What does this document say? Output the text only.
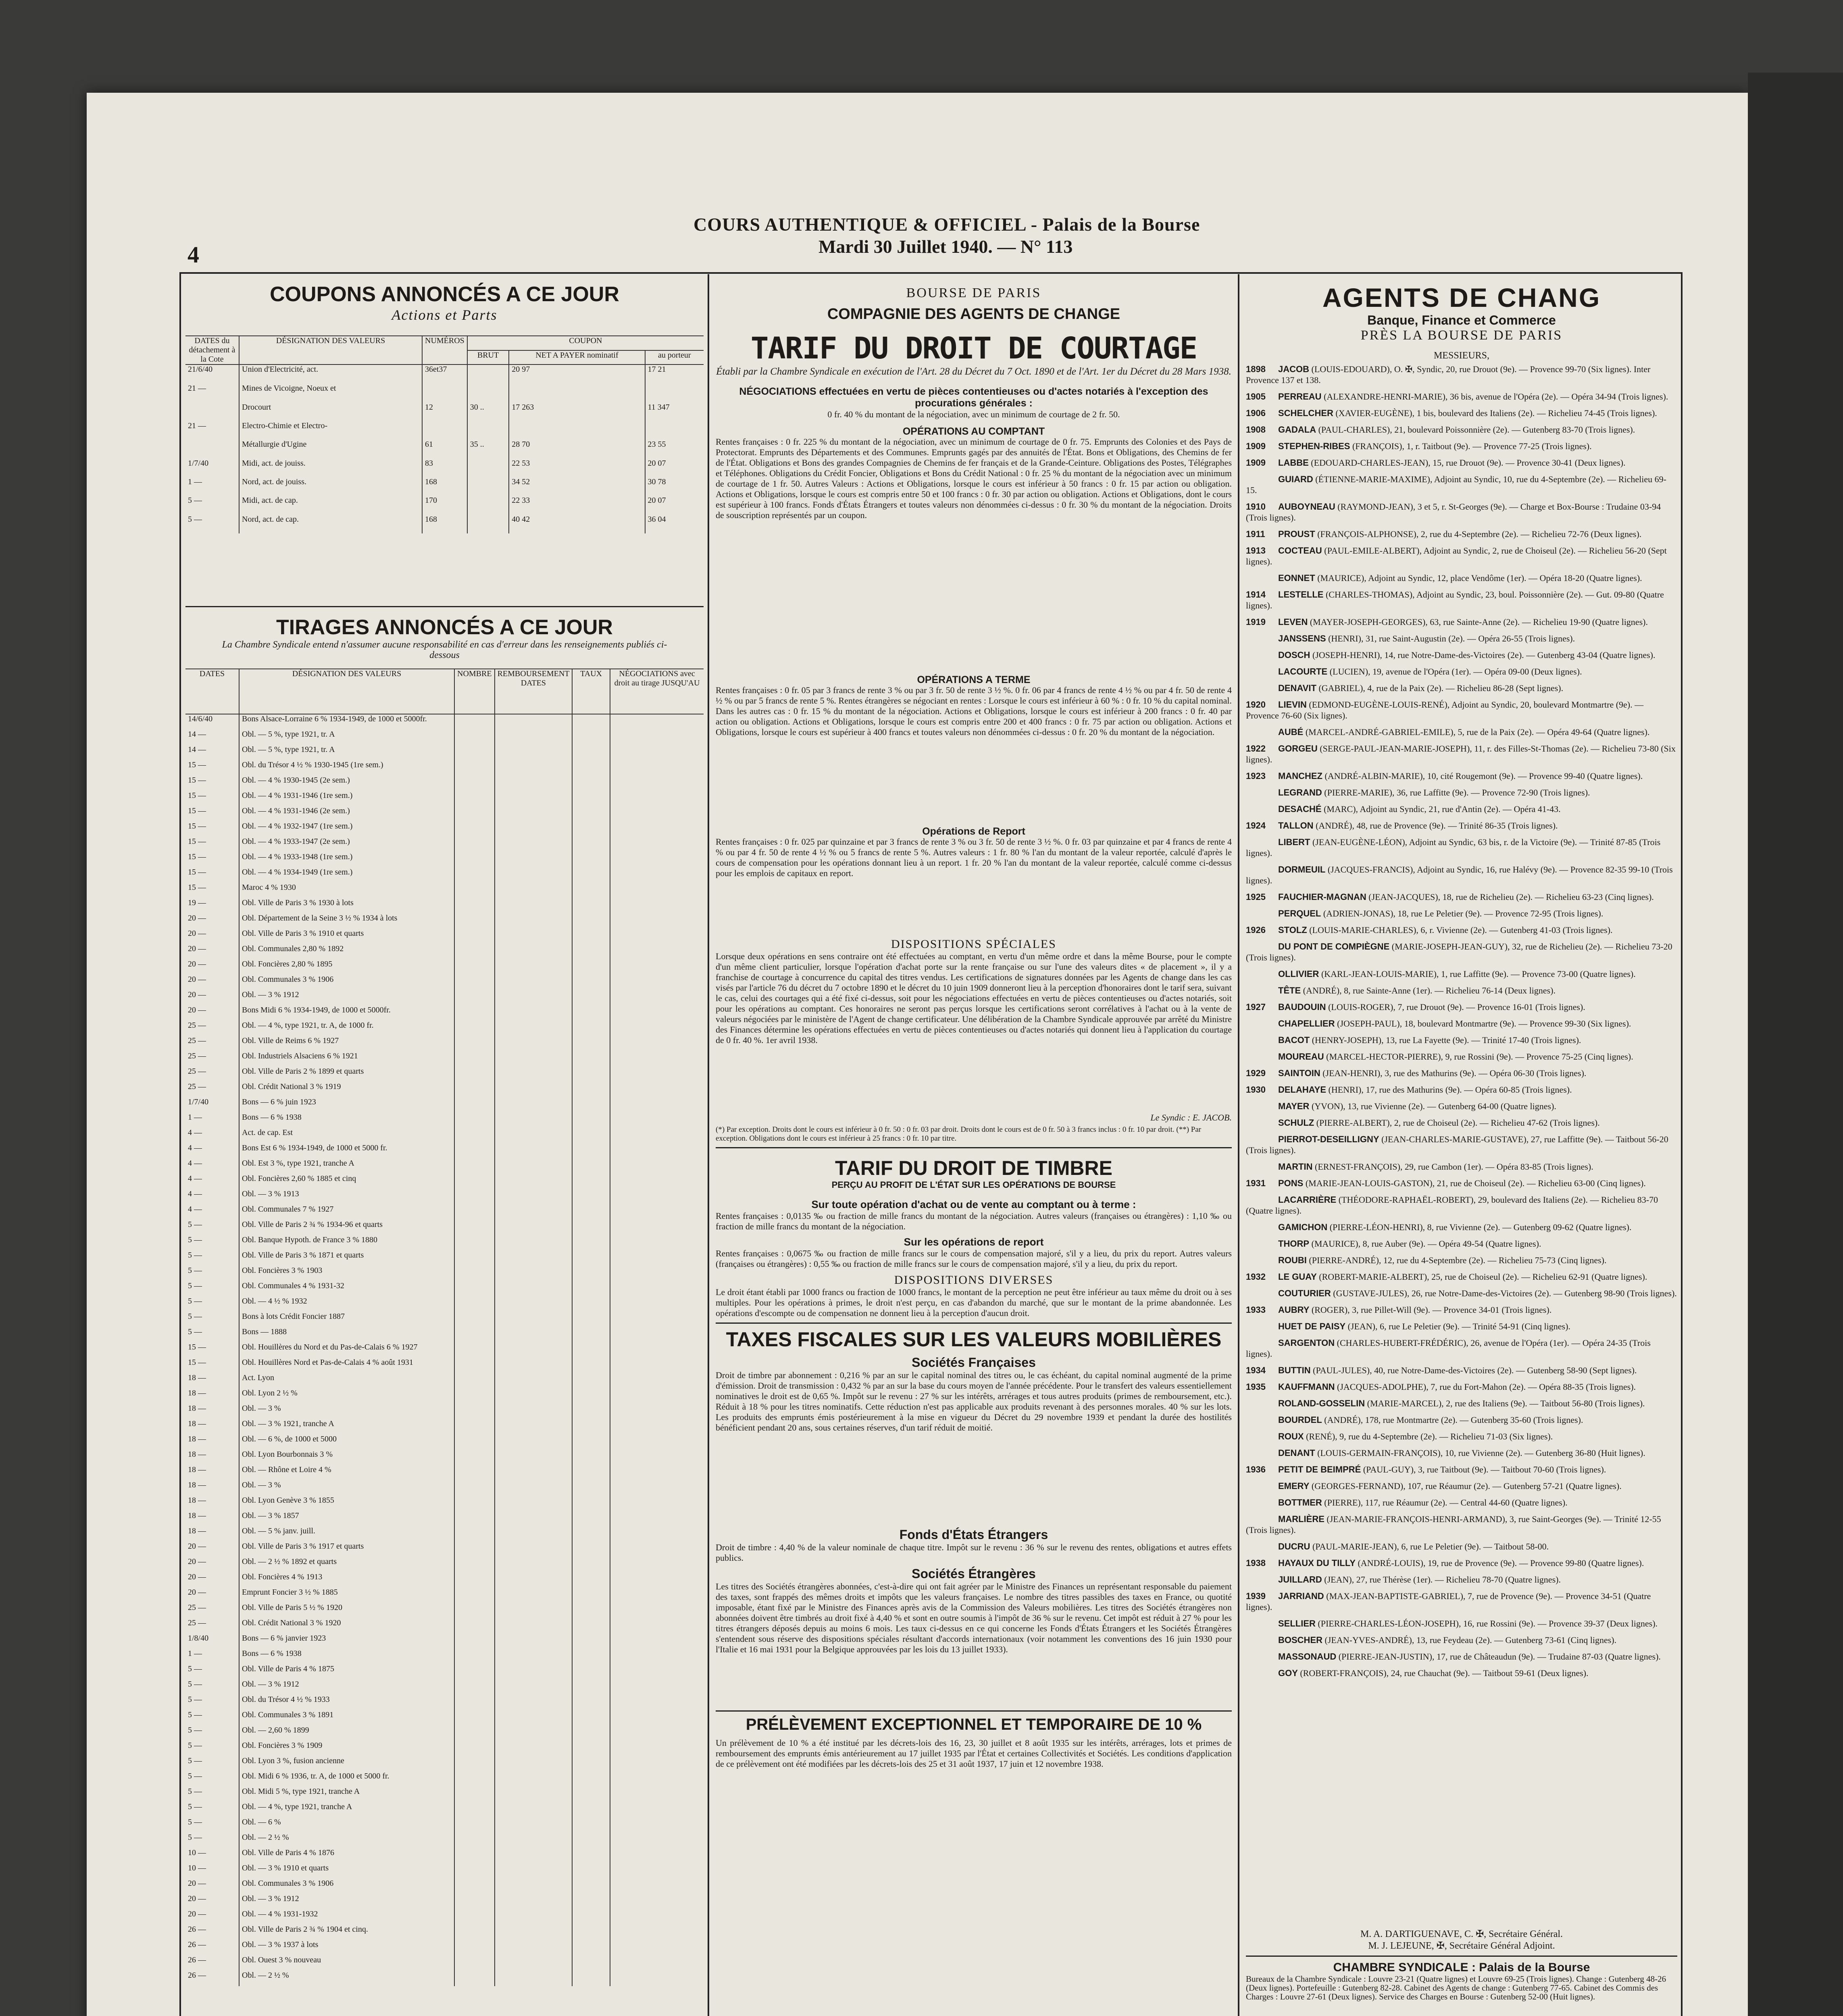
4
COURS AUTHENTIQUE & OFFICIEL - Palais de la Bourse
Mardi 30 Juillet 1940. — N° 113
COUPONS ANNONCÉS A CE JOUR
Actions et Parts
DATES du détachement à la Cote	DÉSIGNATION DES VALEURS	NUMÉROS	COUPON		
			BRUT	NET A PAYER nominatif	au porteur
21/6/40	Union d'Electricité, act.	36et37		20 97	17 21
21 —	Mines de Vicoigne, Noeux et				
	Drocourt	12	30 ..	17 263	11 347
21 —	Electro-Chimie et Electro-				
	Métallurgie d'Ugine	61	35 ..	28 70	23 55
1/7/40	Midi, act. de jouiss.	83		22 53	20 07
1 —	Nord, act. de jouiss.	168		34 52	30 78
5 —	Midi, act. de cap.	170		22 33	20 07
5 —	Nord, act. de cap.	168		40 42	36 04
TIRAGES ANNONCÉS A CE JOUR
La Chambre Syndicale entend n'assumer aucune responsabilité en cas d'erreur dans les renseignements publiés ci-dessous
DATES	DÉSIGNATION DES VALEURS	NOMBRE	REMBOURSEMENT DATES	TAUX	NÉGOCIATIONS avec droit au tirage JUSQU'AU
14/6/40	Bons Alsace-Lorraine 6 % 1934-1949, de 1000 et 5000fr.				
14 —	Obl. — 5 %, type 1921, tr. A				
14 —	Obl. — 5 %, type 1921, tr. A				
15 —	Obl. du Trésor 4 ½ % 1930-1945 (1re sem.)				
15 —	Obl. — 4 % 1930-1945 (2e sem.)				
15 —	Obl. — 4 % 1931-1946 (1re sem.)				
15 —	Obl. — 4 % 1931-1946 (2e sem.)				
15 —	Obl. — 4 % 1932-1947 (1re sem.)				
15 —	Obl. — 4 % 1933-1947 (2e sem.)				
15 —	Obl. — 4 % 1933-1948 (1re sem.)				
15 —	Obl. — 4 % 1934-1949 (1re sem.)				
15 —	Maroc 4 % 1930				
19 —	Obl. Ville de Paris 3 % 1930 à lots				
20 —	Obl. Département de la Seine 3 ½ % 1934 à lots				
20 —	Obl. Ville de Paris 3 % 1910 et quarts				
20 —	Obl. Communales 2,80 % 1892				
20 —	Obl. Foncières 2,80 % 1895				
20 —	Obl. Communales 3 % 1906				
20 —	Obl. — 3 % 1912				
20 —	Bons Midi 6 % 1934-1949, de 1000 et 5000fr.				
25 —	Obl. — 4 %, type 1921, tr. A, de 1000 fr.				
25 —	Obl. Ville de Reims 6 % 1927				
25 —	Obl. Industriels Alsaciens 6 % 1921				
25 —	Obl. Ville de Paris 2 % 1899 et quarts				
25 —	Obl. Crédit National 3 % 1919				
1/7/40	Bons — 6 % juin 1923				
1 —	Bons — 6 % 1938				
4 —	Act. de cap. Est				
4 —	Bons Est 6 % 1934-1949, de 1000 et 5000 fr.				
4 —	Obl. Est 3 %, type 1921, tranche A				
4 —	Obl. Foncières 2,60 % 1885 et cinq				
4 —	Obl. — 3 % 1913				
4 —	Obl. Communales 7 % 1927				
5 —	Obl. Ville de Paris 2 ¾ % 1934-96 et quarts				
5 —	Obl. Banque Hypoth. de France 3 % 1880				
5 —	Obl. Ville de Paris 3 % 1871 et quarts				
5 —	Obl. Foncières 3 % 1903				
5 —	Obl. Communales 4 % 1931-32				
5 —	Obl. — 4 ½ % 1932				
5 —	Bons à lots Crédit Foncier 1887				
5 —	Bons — 1888				
15 —	Obl. Houillères du Nord et du Pas-de-Calais 6 % 1927				
15 —	Obl. Houillères Nord et Pas-de-Calais 4 % août 1931				
18 —	Act. Lyon				
18 —	Obl. Lyon 2 ½ %				
18 —	Obl. — 3 %				
18 —	Obl. — 3 % 1921, tranche A				
18 —	Obl. — 6 %, de 1000 et 5000				
18 —	Obl. Lyon Bourbonnais 3 %				
18 —	Obl. — Rhône et Loire 4 %				
18 —	Obl. — 3 %				
18 —	Obl. Lyon Genève 3 % 1855				
18 —	Obl. — 3 % 1857				
18 —	Obl. — 5 % janv. juill.				
20 —	Obl. Ville de Paris 3 % 1917 et quarts				
20 —	Obl. — 2 ½ % 1892 et quarts				
20 —	Obl. Foncières 4 % 1913				
20 —	Emprunt Foncier 3 ½ % 1885				
25 —	Obl. Ville de Paris 5 ½ % 1920				
25 —	Obl. Crédit National 3 % 1920				
1/8/40	Bons — 6 % janvier 1923				
1 —	Bons — 6 % 1938				
5 —	Obl. Ville de Paris 4 % 1875				
5 —	Obl. — 3 % 1912				
5 —	Obl. du Trésor 4 ½ % 1933				
5 —	Obl. Communales 3 % 1891				
5 —	Obl. — 2,60 % 1899				
5 —	Obl. Foncières 3 % 1909				
5 —	Obl. Lyon 3 %, fusion ancienne				
5 —	Obl. Midi 6 % 1936, tr. A, de 1000 et 5000 fr.				
5 —	Obl. Midi 5 %, type 1921, tranche A				
5 —	Obl. — 4 %, type 1921, tranche A				
5 —	Obl. — 6 %				
5 —	Obl. — 2 ½ %				
10 —	Obl. Ville de Paris 4 % 1876				
10 —	Obl. — 3 % 1910 et quarts				
20 —	Obl. Communales 3 % 1906				
20 —	Obl. — 3 % 1912				
20 —	Obl. — 4 % 1931-1932				
26 —	Obl. Ville de Paris 2 ¾ % 1904 et cinq.				
26 —	Obl. — 3 % 1937 à lots				
26 —	Obl. Ouest 3 % nouveau				
26 —	Obl. — 2 ½ %				
BOURSE DE PARIS
COMPAGNIE DES AGENTS DE CHANGE
TARIF DU DROIT DE COURTAGE
Établi par la Chambre Syndicale en exécution de l'Art. 28 du Décret du 7 Oct. 1890 et de l'Art. 1er du Décret du 28 Mars 1938.
NÉGOCIATIONS effectuées en vertu de pièces contentieuses ou d'actes notariés à l'exception des procurations générales :
0 fr. 40 % du montant de la négociation, avec un minimum de courtage de 2 fr. 50.
OPÉRATIONS AU COMPTANT
Rentes françaises : 0 fr. 225 % du montant de la négociation, avec un minimum de courtage de 0 fr. 75. Emprunts des Colonies et des Pays de Protectorat. Emprunts des Départements et des Communes. Emprunts gagés par des annuités de l'État. Bons et Obligations, des Chemins de fer de l'État. Obligations et Bons des grandes Compagnies de Chemins de fer français et de la Grande-Ceinture. Obligations des Postes, Télégraphes et Téléphones. Obligations du Crédit Foncier, Obligations et Bons du Crédit National : 0 fr. 25 % du montant de la négociation avec un minimum de courtage de 1 fr. 50. Autres Valeurs : Actions et Obligations, lorsque le cours est inférieur à 50 francs : 0 fr. 15 par action ou obligation. Actions et Obligations, lorsque le cours est compris entre 50 et 100 francs : 0 fr. 30 par action ou obligation. Actions et Obligations, dont le cours est supérieur à 100 francs. Fonds d'États Étrangers et toutes valeurs non dénommées ci-dessus : 0 fr. 30 % du montant de la négociation. Droits de souscription représentés par un coupon.
OPÉRATIONS A TERME
Rentes françaises : 0 fr. 05 par 3 francs de rente 3 % ou par 3 fr. 50 de rente 3 ½ %. 0 fr. 06 par 4 francs de rente 4 ½ % ou par 4 fr. 50 de rente 4 ½ % ou par 5 francs de rente 5 %. Rentes étrangères se négociant en rentes : Lorsque le cours est inférieur à 60 % : 0 fr. 10 % du capital nominal. Dans les autres cas : 0 fr. 15 % du montant de la négociation. Actions et Obligations, lorsque le cours est inférieur à 200 francs : 0 fr. 40 par action ou obligation. Actions et Obligations, lorsque le cours est compris entre 200 et 400 francs : 0 fr. 75 par action ou obligation. Actions et Obligations, lorsque le cours est supérieur à 400 francs et toutes valeurs non dénommées ci-dessus : 0 fr. 20 % du montant de la négociation.
Opérations de Report
Rentes françaises : 0 fr. 025 par quinzaine et par 3 francs de rente 3 % ou 3 fr. 50 de rente 3 ½ %. 0 fr. 03 par quinzaine et par 4 francs de rente 4 % ou par 4 fr. 50 de rente 4 ½ % ou 5 francs de rente 5 %. Autres valeurs : 1 fr. 80 % l'an du montant de la valeur reportée, calculé d'après le cours de compensation pour les opérations donnant lieu à un report. 1 fr. 20 % l'an du montant de la valeur reportée, calculé comme ci-dessus pour les emplois de capitaux en report.
DISPOSITIONS SPÉCIALES
Lorsque deux opérations en sens contraire ont été effectuées au comptant, en vertu d'un même ordre et dans la même Bourse, pour le compte d'un même client particulier, lorsque l'opération d'achat porte sur la rente française ou sur l'une des valeurs dites « de placement », il y a franchise de courtage à concurrence du capital des titres vendus. Les certifications de signatures données par les Agents de change dans les cas visés par l'article 76 du décret du 7 octobre 1890 et le décret du 10 juin 1909 donneront lieu à la perception d'honoraires dont le tarif sera, suivant le cas, celui des courtages qui a été fixé ci-dessus, soit pour les négociations effectuées en vertu de pièces contentieuses ou d'actes notariés, soit pour les opérations au comptant. Ces honoraires ne seront pas perçus lorsque les certifications seront corrélatives à l'achat ou à la vente de valeurs négociées par le ministère de l'Agent de change certificateur. Une délibération de la Chambre Syndicale approuvée par arrêté du Ministre des Finances détermine les opérations effectuées en vertu de pièces contentieuses ou d'actes notariés qui donnent lieu à l'application du courtage de 0 fr. 40 %. 1er avril 1938.
Le Syndic : E. JACOB.
(*) Par exception. Droits dont le cours est inférieur à 0 fr. 50 : 0 fr. 03 par droit. Droits dont le cours est de 0 fr. 50 à 3 francs inclus : 0 fr. 10 par droit. (**) Par exception. Obligations dont le cours est inférieur à 25 francs : 0 fr. 10 par titre.
TARIF DU DROIT DE TIMBRE
PERÇU AU PROFIT DE L'ÉTAT SUR LES OPÉRATIONS DE BOURSE
Sur toute opération d'achat ou de vente au comptant ou à terme :
Rentes françaises : 0,0135 ‰ ou fraction de mille francs du montant de la négociation. Autres valeurs (françaises ou étrangères) : 1,10 ‰ ou fraction de mille francs du montant de la négociation.
Sur les opérations de report
Rentes françaises : 0,0675 ‰ ou fraction de mille francs sur le cours de compensation majoré, s'il y a lieu, du prix du report. Autres valeurs (françaises ou étrangères) : 0,55 ‰ ou fraction de mille francs sur le cours de compensation majoré, s'il y a lieu, du prix du report.
DISPOSITIONS DIVERSES
Le droit étant établi par 1000 francs ou fraction de 1000 francs, le montant de la perception ne peut être inférieur au taux même du droit ou à ses multiples. Pour les opérations à primes, le droit n'est perçu, en cas d'abandon du marché, que sur le montant de la prime abandonnée. Les opérations d'escompte ou de compensation ne donnent lieu à la perception d'aucun droit.
TAXES FISCALES SUR LES VALEURS MOBILIÈRES
Sociétés Françaises
Droit de timbre par abonnement : 0,216 % par an sur le capital nominal des titres ou, le cas échéant, du capital nominal augmenté de la prime d'émission. Droit de transmission : 0,432 % par an sur la base du cours moyen de l'année précédente. Pour le transfert des valeurs essentiellement nominatives le droit est de 0,65 %. Impôt sur le revenu : 27 % sur les intérêts, arrérages et tous autres produits (primes de remboursement, etc.). Réduit à 18 % pour les titres nominatifs. Cette réduction n'est pas applicable aux produits revenant à des personnes morales. 40 % sur les lots. Les produits des emprunts émis postérieurement à la mise en vigueur du Décret du 29 novembre 1939 et pendant la durée des hostilités bénéficient pendant 20 ans, sous certaines réserves, d'un tarif réduit de moitié.
Fonds d'États Étrangers
Droit de timbre : 4,40 % de la valeur nominale de chaque titre. Impôt sur le revenu : 36 % sur le revenu des rentes, obligations et autres effets publics.
Sociétés Étrangères
Les titres des Sociétés étrangères abonnées, c'est-à-dire qui ont fait agréer par le Ministre des Finances un représentant responsable du paiement des taxes, sont frappés des mêmes droits et impôts que les valeurs françaises. Le nombre des titres passibles des taxes en France, ou quotité imposable, étant fixé par le Ministre des Finances après avis de la Commission des Valeurs mobilières. Les titres des Sociétés étrangères non abonnées doivent être timbrés au droit fixé à 4,40 % et sont en outre soumis à l'impôt de 36 % sur le revenu. Cet impôt est réduit à 27 % pour les titres étrangers déposés depuis au moins 6 mois. Les taux ci-dessus en ce qui concerne les Fonds d'États Étrangers et les Sociétés Étrangères s'entendent sous réserve des dispositions spéciales résultant d'accords internationaux (voir notamment les conventions des 16 juin 1930 pour l'Italie et 16 mai 1931 pour la Belgique approuvées par les lois du 13 juillet 1933).
PRÉLÈVEMENT EXCEPTIONNEL ET TEMPORAIRE DE 10 %
Un prélèvement de 10 % a été institué par les décrets-lois des 16, 23, 30 juillet et 8 août 1935 sur les intérêts, arrérages, lots et primes de remboursement des emprunts émis antérieurement au 17 juillet 1935 par l'État et certaines Collectivités et Sociétés. Les conditions d'application de ce prélèvement ont été modifiées par les décrets-lois des 25 et 31 août 1937, 17 juin et 12 novembre 1938.
AGENTS DE CHANG
Banque, Finance et Commerce
PRÈS LA BOURSE DE PARIS
MESSIEURS,
1898 JACOB (LOUIS-EDOUARD), O. ✠, Syndic, 20, rue Drouot (9e). — Provence 99-70 (Six lignes). Inter Provence 137 et 138.
1905 PERREAU (ALEXANDRE-HENRI-MARIE), 36 bis, avenue de l'Opéra (2e). — Opéra 34-94 (Trois lignes).
1906 SCHELCHER (XAVIER-EUGÈNE), 1 bis, boulevard des Italiens (2e). — Richelieu 74-45 (Trois lignes).
1908 GADALA (PAUL-CHARLES), 21, boulevard Poissonnière (2e). — Gutenberg 83-70 (Trois lignes).
1909 STEPHEN-RIBES (FRANÇOIS), 1, r. Taitbout (9e). — Provence 77-25 (Trois lignes).
1909 LABBE (EDOUARD-CHARLES-JEAN), 15, rue Drouot (9e). — Provence 30-41 (Deux lignes).
GUIARD (ÉTIENNE-MARIE-MAXIME), Adjoint au Syndic, 10, rue du 4-Septembre (2e). — Richelieu 69-15.
1910 AUBOYNEAU (RAYMOND-JEAN), 3 et 5, r. St-Georges (9e). — Charge et Box-Bourse : Trudaine 03-94 (Trois lignes).
1911 PROUST (FRANÇOIS-ALPHONSE), 2, rue du 4-Septembre (2e). — Richelieu 72-76 (Deux lignes).
1913 COCTEAU (PAUL-EMILE-ALBERT), Adjoint au Syndic, 2, rue de Choiseul (2e). — Richelieu 56-20 (Sept lignes).
EONNET (MAURICE), Adjoint au Syndic, 12, place Vendôme (1er). — Opéra 18-20 (Quatre lignes).
1914 LESTELLE (CHARLES-THOMAS), Adjoint au Syndic, 23, boul. Poissonnière (2e). — Gut. 09-80 (Quatre lignes).
1919 LEVEN (MAYER-JOSEPH-GEORGES), 63, rue Sainte-Anne (2e). — Richelieu 19-90 (Quatre lignes).
JANSSENS (HENRI), 31, rue Saint-Augustin (2e). — Opéra 26-55 (Trois lignes).
DOSCH (JOSEPH-HENRI), 14, rue Notre-Dame-des-Victoires (2e). — Gutenberg 43-04 (Quatre lignes).
LACOURTE (LUCIEN), 19, avenue de l'Opéra (1er). — Opéra 09-00 (Deux lignes).
DENAVIT (GABRIEL), 4, rue de la Paix (2e). — Richelieu 86-28 (Sept lignes).
1920 LIEVIN (EDMOND-EUGÈNE-LOUIS-RENÉ), Adjoint au Syndic, 20, boulevard Montmartre (9e). — Provence 76-60 (Six lignes).
AUBÉ (MARCEL-ANDRÉ-GABRIEL-EMILE), 5, rue de la Paix (2e). — Opéra 49-64 (Quatre lignes).
1922 GORGEU (SERGE-PAUL-JEAN-MARIE-JOSEPH), 11, r. des Filles-St-Thomas (2e). — Richelieu 73-80 (Six lignes).
1923 MANCHEZ (ANDRÉ-ALBIN-MARIE), 10, cité Rougemont (9e). — Provence 99-40 (Quatre lignes).
LEGRAND (PIERRE-MARIE), 36, rue Laffitte (9e). — Provence 72-90 (Trois lignes).
DESACHÉ (MARC), Adjoint au Syndic, 21, rue d'Antin (2e). — Opéra 41-43.
1924 TALLON (ANDRÉ), 48, rue de Provence (9e). — Trinité 86-35 (Trois lignes).
LIBERT (JEAN-EUGÈNE-LÉON), Adjoint au Syndic, 63 bis, r. de la Victoire (9e). — Trinité 87-85 (Trois lignes).
DORMEUIL (JACQUES-FRANCIS), Adjoint au Syndic, 16, rue Halévy (9e). — Provence 82-35 99-10 (Trois lignes).
1925 FAUCHIER-MAGNAN (JEAN-JACQUES), 18, rue de Richelieu (2e). — Richelieu 63-23 (Cinq lignes).
PERQUEL (ADRIEN-JONAS), 18, rue Le Peletier (9e). — Provence 72-95 (Trois lignes).
1926 STOLZ (LOUIS-MARIE-CHARLES), 6, r. Vivienne (2e). — Gutenberg 41-03 (Trois lignes).
DU PONT DE COMPIÈGNE (MARIE-JOSEPH-JEAN-GUY), 32, rue de Richelieu (2e). — Richelieu 73-20 (Trois lignes).
OLLIVIER (KARL-JEAN-LOUIS-MARIE), 1, rue Laffitte (9e). — Provence 73-00 (Quatre lignes).
TÊTE (ANDRÉ), 8, rue Sainte-Anne (1er). — Richelieu 76-14 (Deux lignes).
1927 BAUDOUIN (LOUIS-ROGER), 7, rue Drouot (9e). — Provence 16-01 (Trois lignes).
CHAPELLIER (JOSEPH-PAUL), 18, boulevard Montmartre (9e). — Provence 99-30 (Six lignes).
BACOT (HENRY-JOSEPH), 13, rue La Fayette (9e). — Trinité 17-40 (Trois lignes).
MOUREAU (MARCEL-HECTOR-PIERRE), 9, rue Rossini (9e). — Provence 75-25 (Cinq lignes).
1929 SAINTOIN (JEAN-HENRI), 3, rue des Mathurins (9e). — Opéra 06-30 (Trois lignes).
1930 DELAHAYE (HENRI), 17, rue des Mathurins (9e). — Opéra 60-85 (Trois lignes).
MAYER (YVON), 13, rue Vivienne (2e). — Gutenberg 64-00 (Quatre lignes).
SCHULZ (PIERRE-ALBERT), 2, rue de Choiseul (2e). — Richelieu 47-62 (Trois lignes).
PIERROT-DESEILLIGNY (JEAN-CHARLES-MARIE-GUSTAVE), 27, rue Laffitte (9e). — Taitbout 56-20 (Trois lignes).
MARTIN (ERNEST-FRANÇOIS), 29, rue Cambon (1er). — Opéra 83-85 (Trois lignes).
1931 PONS (MARIE-JEAN-LOUIS-GASTON), 21, rue de Choiseul (2e). — Richelieu 63-00 (Cinq lignes).
LACARRIÈRE (THÉODORE-RAPHAËL-ROBERT), 29, boulevard des Italiens (2e). — Richelieu 83-70 (Quatre lignes).
GAMICHON (PIERRE-LÉON-HENRI), 8, rue Vivienne (2e). — Gutenberg 09-62 (Quatre lignes).
THORP (MAURICE), 8, rue Auber (9e). — Opéra 49-54 (Quatre lignes).
ROUBI (PIERRE-ANDRÉ), 12, rue du 4-Septembre (2e). — Richelieu 75-73 (Cinq lignes).
1932 LE GUAY (ROBERT-MARIE-ALBERT), 25, rue de Choiseul (2e). — Richelieu 62-91 (Quatre lignes).
COUTURIER (GUSTAVE-JULES), 26, rue Notre-Dame-des-Victoires (2e). — Gutenberg 98-90 (Trois lignes).
1933 AUBRY (ROGER), 3, rue Pillet-Will (9e). — Provence 34-01 (Trois lignes).
HUET DE PAISY (JEAN), 6, rue Le Peletier (9e). — Trinité 54-91 (Cinq lignes).
SARGENTON (CHARLES-HUBERT-FRÉDÉRIC), 26, avenue de l'Opéra (1er). — Opéra 24-35 (Trois lignes).
1934 BUTTIN (PAUL-JULES), 40, rue Notre-Dame-des-Victoires (2e). — Gutenberg 58-90 (Sept lignes).
1935 KAUFFMANN (JACQUES-ADOLPHE), 7, rue du Fort-Mahon (2e). — Opéra 88-35 (Trois lignes).
ROLAND-GOSSELIN (MARIE-MARCEL), 2, rue des Italiens (9e). — Taitbout 56-80 (Trois lignes).
BOURDEL (ANDRÉ), 178, rue Montmartre (2e). — Gutenberg 35-60 (Trois lignes).
ROUX (RENÉ), 9, rue du 4-Septembre (2e). — Richelieu 71-03 (Six lignes).
DENANT (LOUIS-GERMAIN-FRANÇOIS), 10, rue Vivienne (2e). — Gutenberg 36-80 (Huit lignes).
1936 PETIT DE BEIMPRÉ (PAUL-GUY), 3, rue Taitbout (9e). — Taitbout 70-60 (Trois lignes).
EMERY (GEORGES-FERNAND), 107, rue Réaumur (2e). — Gutenberg 57-21 (Quatre lignes).
BOTTMER (PIERRE), 117, rue Réaumur (2e). — Central 44-60 (Quatre lignes).
MARLIÈRE (JEAN-MARIE-FRANÇOIS-HENRI-ARMAND), 3, rue Saint-Georges (9e). — Trinité 12-55 (Trois lignes).
DUCRU (PAUL-MARIE-JEAN), 6, rue Le Peletier (9e). — Taitbout 58-00.
1938 HAYAUX DU TILLY (ANDRÉ-LOUIS), 19, rue de Provence (9e). — Provence 99-80 (Quatre lignes).
JUILLARD (JEAN), 27, rue Thérèse (1er). — Richelieu 78-70 (Quatre lignes).
1939 JARRIAND (MAX-JEAN-BAPTISTE-GABRIEL), 7, rue de Provence (9e). — Provence 34-51 (Quatre lignes).
SELLIER (PIERRE-CHARLES-LÉON-JOSEPH), 16, rue Rossini (9e). — Provence 39-37 (Deux lignes).
BOSCHER (JEAN-YVES-ANDRÉ), 13, rue Feydeau (2e). — Gutenberg 73-61 (Cinq lignes).
MASSONAUD (PIERRE-JEAN-JUSTIN), 17, rue de Châteaudun (9e). — Trudaine 87-03 (Quatre lignes).
GOY (ROBERT-FRANÇOIS), 24, rue Chauchat (9e). — Taitbout 59-61 (Deux lignes).
M. A. DARTIGUENAVE, C. ✠, Secrétaire Général.
M. J. LEJEUNE, ✠, Secrétaire Général Adjoint.
CHAMBRE SYNDICALE : Palais de la Bourse
Bureaux de la Chambre Syndicale : Louvre 23-21 (Quatre lignes) et Louvre 69-25 (Trois lignes). Change : Gutenberg 48-26 (Deux lignes). Portefeuille : Gutenberg 82-28. Cabinet des Agents de change : Gutenberg 77-65. Cabinet des Commis des Charges : Louvre 27-61 (Deux lignes). Service des Charges en Bourse : Gutenberg 52-00 (Huit lignes).
